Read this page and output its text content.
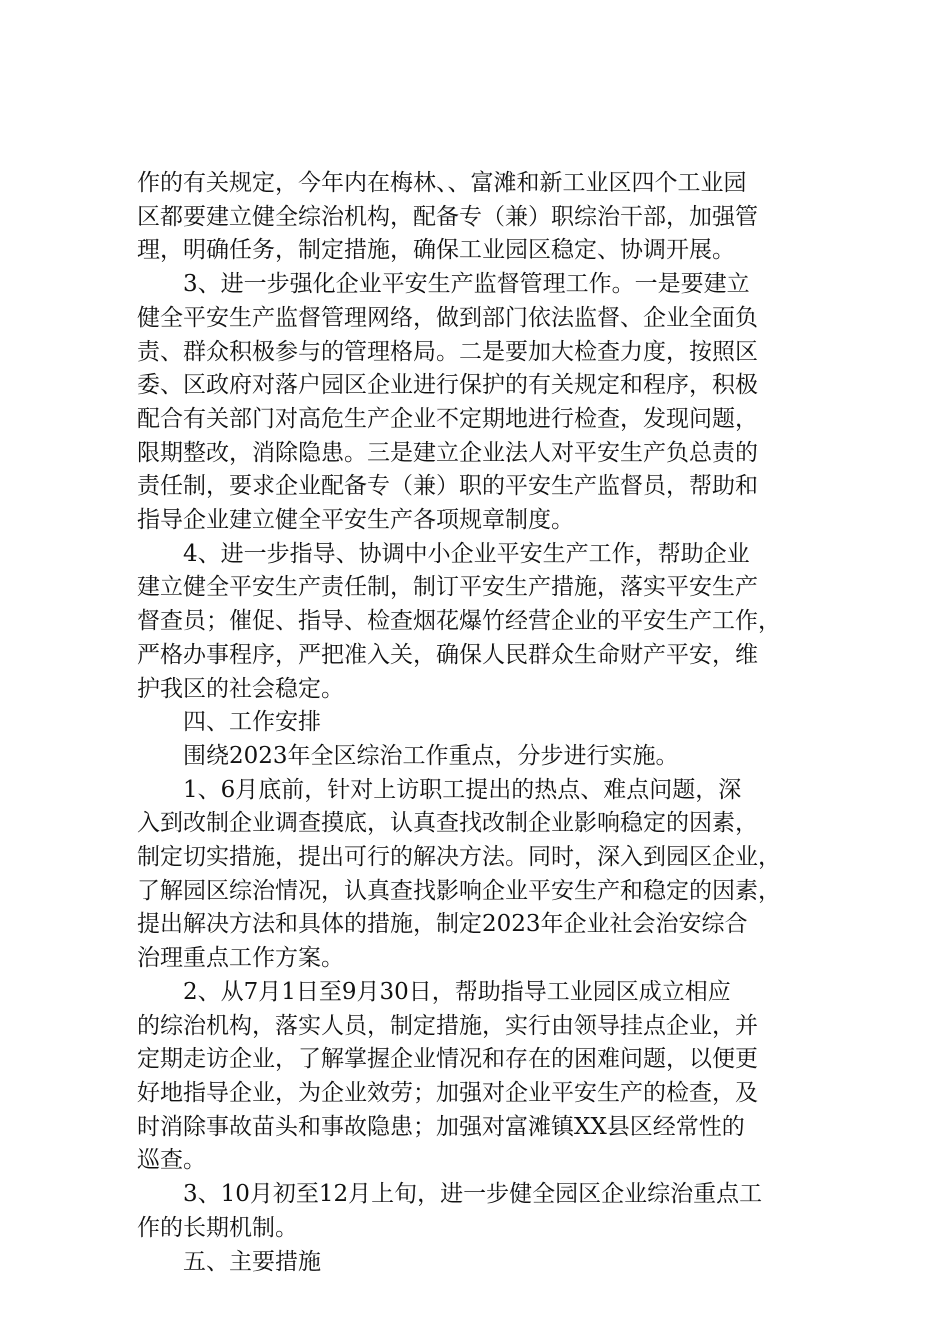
作的有关规定，今年内在梅林、、富滩和新工业区四个工业园
区都要建立健全综治机构，配备专（兼）职综治干部，加强管
理，明确任务，制定措施，确保工业园区稳定、协调开展。

　　3、进一步强化企业平安生产监督管理工作。一是要建立
健全平安生产监督管理网络，做到部门依法监督、企业全面负
责、群众积极参与的管理格局。二是要加大检查力度，按照区
委、区政府对落户园区企业进行保护的有关规定和程序，积极
配合有关部门对高危生产企业不定期地进行检查，发现问题，
限期整改，消除隐患。三是建立企业法人对平安生产负总责的
责任制，要求企业配备专（兼）职的平安生产监督员，帮助和
指导企业建立健全平安生产各项规章制度。

　　4、进一步指导、协调中小企业平安生产工作，帮助企业
建立健全平安生产责任制，制订平安生产措施，落实平安生产
督查员；催促、指导、检查烟花爆竹经营企业的平安生产工作，
严格办事程序，严把准入关，确保人民群众生命财产平安，维
护我区的社会稳定。

　　四、工作安排

　　围绕2023年全区综治工作重点，分步进行实施。

　　1、6月底前，针对上访职工提出的热点、难点问题，深
入到改制企业调查摸底，认真查找改制企业影响稳定的因素，
制定切实措施，提出可行的解决方法。同时，深入到园区企业，
了解园区综治情况，认真查找影响企业平安生产和稳定的因素，
提出解决方法和具体的措施，制定2023年企业社会治安综合
治理重点工作方案。

　　2、从7月1日至9月30日，帮助指导工业园区成立相应
的综治机构，落实人员，制定措施，实行由领导挂点企业，并
定期走访企业，了解掌握企业情况和存在的困难问题，以便更
好地指导企业，为企业效劳；加强对企业平安生产的检查，及
时消除事故苗头和事故隐患；加强对富滩镇XX县区经常性的
巡查。

　　3、10月初至12月上旬，进一步健全园区企业综治重点工
作的长期机制。

　　五、主要措施
